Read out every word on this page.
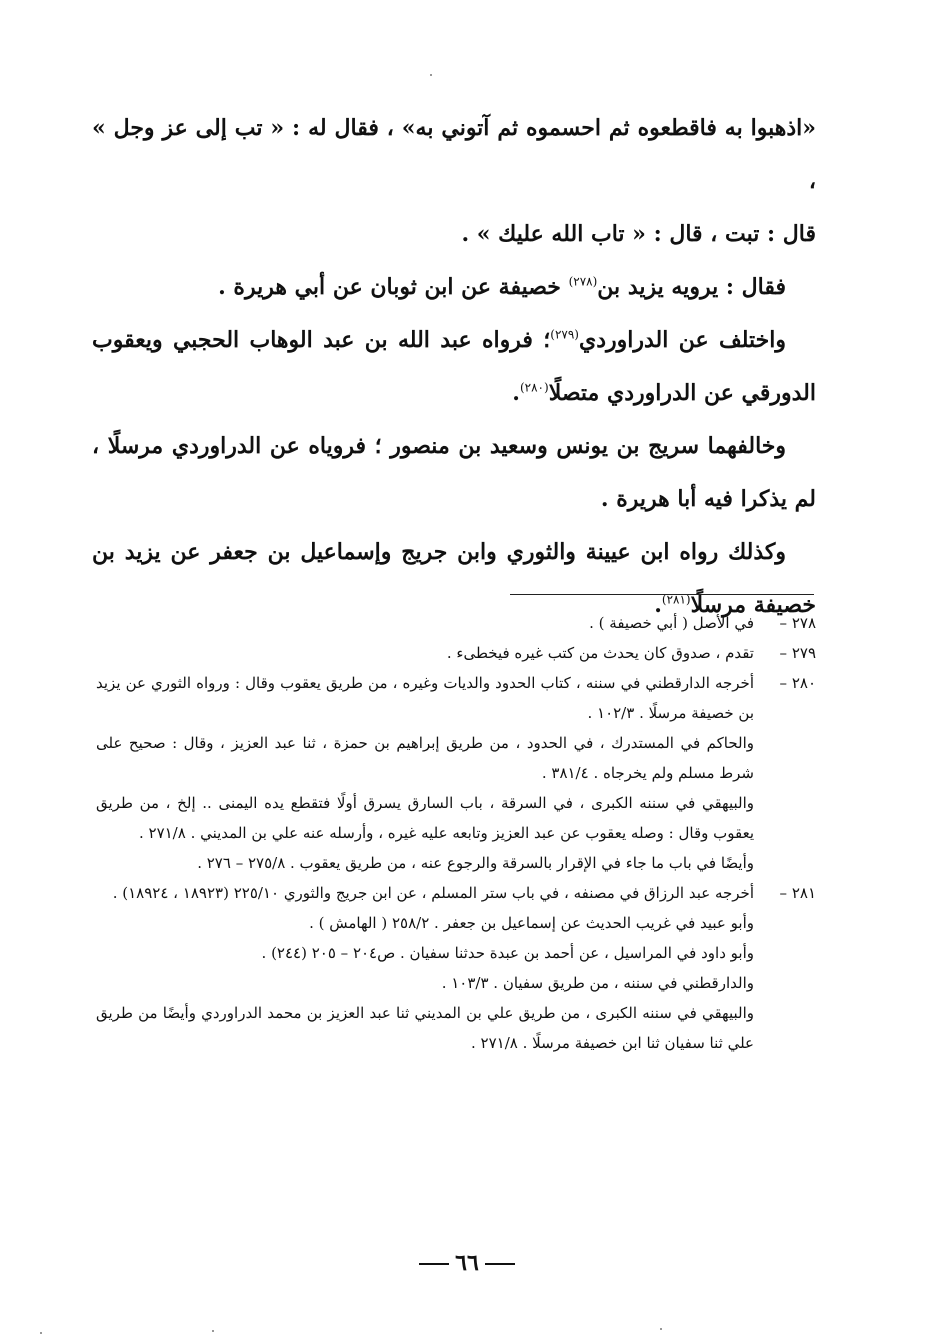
«اذهبوا به فاقطعوه ثم احسموه ثم آتوني به» ، فقال له : « تب إلى عز وجل » ،
قال : تبت ، قال : « تاب الله عليك » .

فقال : يرويه يزيد بن$^{(٢٧٨)}$ خصيفة عن ابن ثوبان عن أبي هريرة .

واختلف عن الدراوردي$^{(٢٧٩)}$؛ فرواه عبد الله بن عبد الوهاب الحجبي ويعقوب الدورقي عن الدراوردي متصلًا$^{(٢٨٠)}$.

وخالفهما سريج بن يونس وسعيد بن منصور ؛ فروياه عن الدراوردي مرسلًا ، لم يذكرا فيه أبا هريرة .

وكذلك رواه ابن عيينة والثوري وابن جريج وإسماعيل بن جعفر عن يزيد بن خصيفة مرسلًا$^{(٢٨١)}$.

٢٧٨ –

في الأصل ( أبي خصيفة ) .

٢٧٩ –

تقدم ، صدوق كان يحدث من كتب غيره فيخطىء .

٢٨٠ –

أخرجه الدارقطني في سننه ، كتاب الحدود والديات وغيره ، من طريق يعقوب وقال : ورواه الثوري عن يزيد بن خصيفة مرسلًا . ١٠٢/٣ .

والحاكم في المستدرك ، في الحدود ، من طريق إبراهيم بن حمزة ، ثنا عبد العزيز ، وقال : صحيح على شرط مسلم ولم يخرجاه . ٣٨١/٤ .

والبيهقي في سننه الكبرى ، في السرقة ، باب السارق يسرق أولًا فتقطع يده اليمنى .. إلخ ، من طريق يعقوب وقال : وصله يعقوب عن عبد العزيز وتابعه عليه غيره ، وأرسله عنه علي بن المديني . ٢٧١/٨ .

وأيضًا في باب ما جاء في الإقرار بالسرقة والرجوع عنه ، من طريق يعقوب . ٢٧٥/٨ – ٢٧٦ .

٢٨١ –

أخرجه عبد الرزاق في مصنفه ، في باب ستر المسلم ، عن ابن جريج والثوري ٢٢٥/١٠ (١٨٩٢٣ ، ١٨٩٢٤) .

وأبو عبيد في غريب الحديث عن إسماعيل بن جعفر . ٢٥٨/٢ ( الهامش ) .

وأبو داود في المراسيل ، عن أحمد بن عبدة حدثنا سفيان . ص٢٠٤ – ٢٠٥ (٢٤٤) .

والدارقطني في سننه ، من طريق سفيان . ١٠٣/٣ .

والبيهقي في سننه الكبرى ، من طريق علي بن المديني ثنا عبد العزيز بن محمد الدراوردي وأيضًا من طريق علي ثنا سفيان ثنا ابن خصيفة مرسلًا . ٢٧١/٨ .

٦٦
